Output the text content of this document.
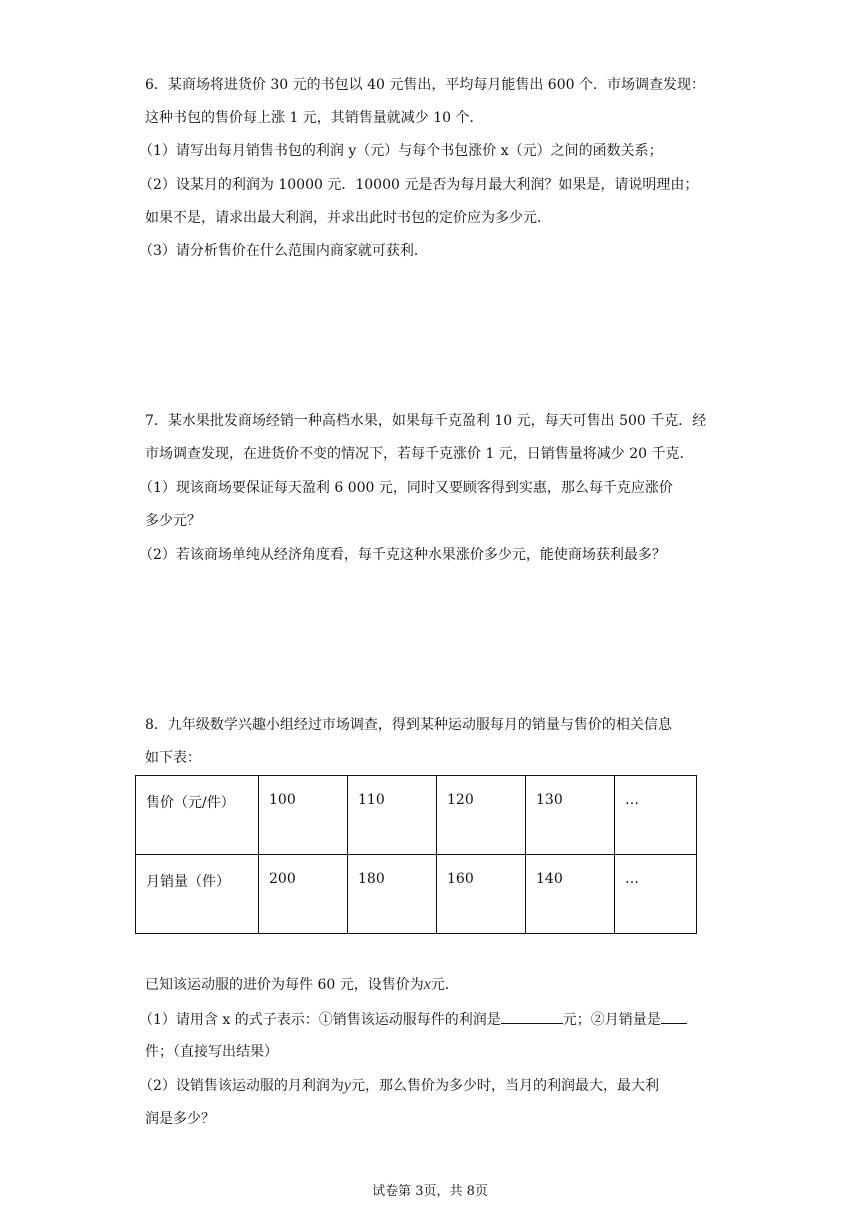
6．某商场将进货价 30 元的书包以 40 元售出，平均每月能售出 600 个．市场调查发现：
这种书包的售价每上涨 1 元，其销售量就减少 10 个．
（1）请写出每月销售书包的利润 y（元）与每个书包涨价 x（元）之间的函数关系；
（2）设某月的利润为 10000 元．10000 元是否为每月最大利润？如果是，请说明理由；
如果不是，请求出最大利润，并求出此时书包的定价应为多少元．
（3）请分析售价在什么范围内商家就可获利．
7．某水果批发商场经销一种高档水果，如果每千克盈利 10 元，每天可售出 500 千克．经
市场调查发现，在进货价不变的情况下，若每千克涨价 1 元，日销售量将减少 20 千克．
（1）现该商场要保证每天盈利 6 000 元，同时又要顾客得到实惠，那么每千克应涨价
多少元？
（2）若该商场单纯从经济角度看，每千克这种水果涨价多少元，能使商场获利最多？
8．九年级数学兴趣小组经过市场调查，得到某种运动服每月的销量与售价的相关信息
如下表：
售价（元/件）	100	110	120	130	…
月销量（件）	200	180	160	140	…
已知该运动服的进价为每件 60 元，设售价为x元．
（1）请用含 x 的式子表示：①销售该运动服每件的利润是	元；②月销量是
件；（直接写出结果）
（2）设销售该运动服的月利润为y元，那么售价为多少时，当月的利润最大，最大利
润是多少？
试卷第 3页，共 8页
